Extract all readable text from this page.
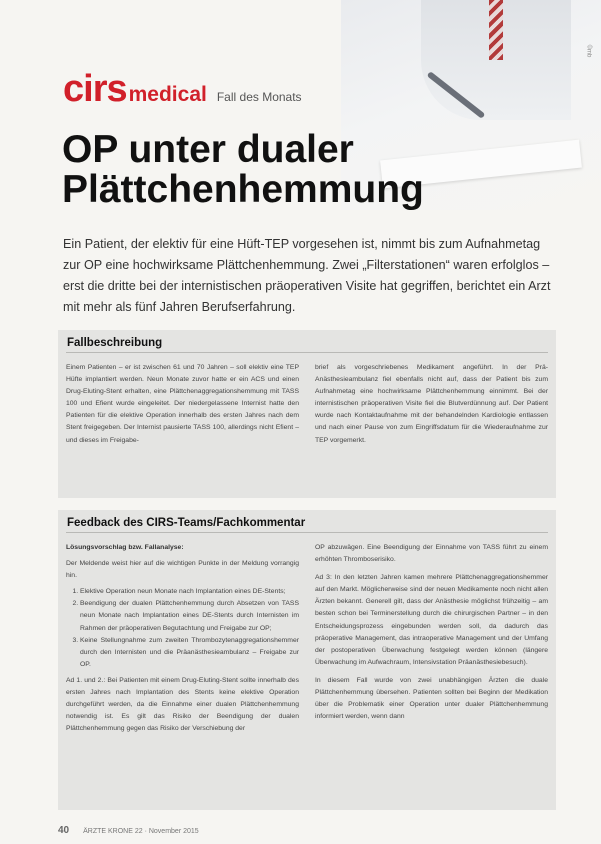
©mb
cirs medical Fall des Monats
OP unter dualer
Plättchenhemmung
Ein Patient, der elektiv für eine Hüft-TEP vorgesehen ist, nimmt bis zum Aufnahmetag zur OP eine hochwirksame Plättchenhemmung. Zwei „Filterstationen“ waren erfolglos – erst die dritte bei der internistischen präoperativen Visite hat gegriffen, berichtet ein Arzt mit mehr als fünf Jahren Berufserfahrung.
Fallbeschreibung

Einem Patienten – er ist zwischen 61 und 70 Jahren – soll elektiv eine TEP Hüfte implantiert werden. Neun Monate zuvor hatte er ein ACS und einen Drug-Eluting-Stent erhalten, eine Plättchenaggregationshemmung mit TASS 100 und Efient wurde eingeleitet. Der niedergelassene Internist hatte den Patienten für die elektive Operation innerhalb des ersten Jahres nach dem Stent freigegeben. Der Internist pausierte TASS 100, allerdings nicht Efient – und dieses im Freigabe-

brief als vorgeschriebenes Medikament angeführt. In der Prä-Anästhesieambulanz fiel ebenfalls nicht auf, dass der Patient bis zum Aufnahmetag eine hochwirksame Plättchenhemmung einnimmt. Bei der internistischen präoperativen Visite fiel die Blutverdünnung auf. Der Patient wurde nach Kontaktaufnahme mit der behandelnden Kardiologie entlassen und nach einer Pause von zum Eingriffsdatum für die Wiederaufnahme zur TEP vorgemerkt.

Feedback des CIRS-Teams/Fachkommentar

Lösungsvorschlag bzw. Fallanalyse:

Der Meldende weist hier auf die wichtigen Punkte in der Meldung vorrangig hin.

1. Elektive Operation neun Monate nach Implantation eines DE-Stents;
2. Beendigung der dualen Plättchenhemmung durch Absetzen von TASS neun Monate nach Implantation eines DE-Stents durch Internisten im Rahmen der präoperativen Begutachtung und Freigabe zur OP;
3. Keine Stellungnahme zum zweiten Thrombozytenaggregationshemmer durch den Internisten und die Präanästhesieambulanz – Freigabe zur OP.

Ad 1. und 2.: Bei Patienten mit einem Drug-Eluting-Stent sollte innerhalb des ersten Jahres nach Implantation des Stents keine elektive Operation durchgeführt werden, da die Einnahme einer dualen Plättchenhemmung notwendig ist. Es gilt das Risiko der Beendigung der dualen Plättchenhemmung gegen das Risiko der Verschiebung der

OP abzuwägen. Eine Beendigung der Einnahme von TASS führt zu einem erhöhten Thromboserisiko.

Ad 3: In den letzten Jahren kamen mehrere Plättchenaggregationshemmer auf den Markt. Möglicherweise sind der neuen Medikamente noch nicht allen Ärzten bekannt. Generell gilt, dass der Anästhesie möglichst frühzeitig – am besten schon bei Terminerstellung durch die chirurgischen Partner – in den Entscheidungsprozess eingebunden werden soll, da dadurch das präoperative Management, das intraoperative Management und der Umfang der postoperativen Überwachung festgelegt werden können (längere Überwachung im Aufwachraum, Intensivstation Präanästhesiebesuch).

In diesem Fall wurde von zwei unabhängigen Ärzten die duale Plättchenhemmung übersehen. Patienten sollten bei Beginn der Medikation über die Problematik einer Operation unter dualer Plättchenhemmung informiert werden, wenn dann

40 ÄRZTE KRONE 22 · November 2015
